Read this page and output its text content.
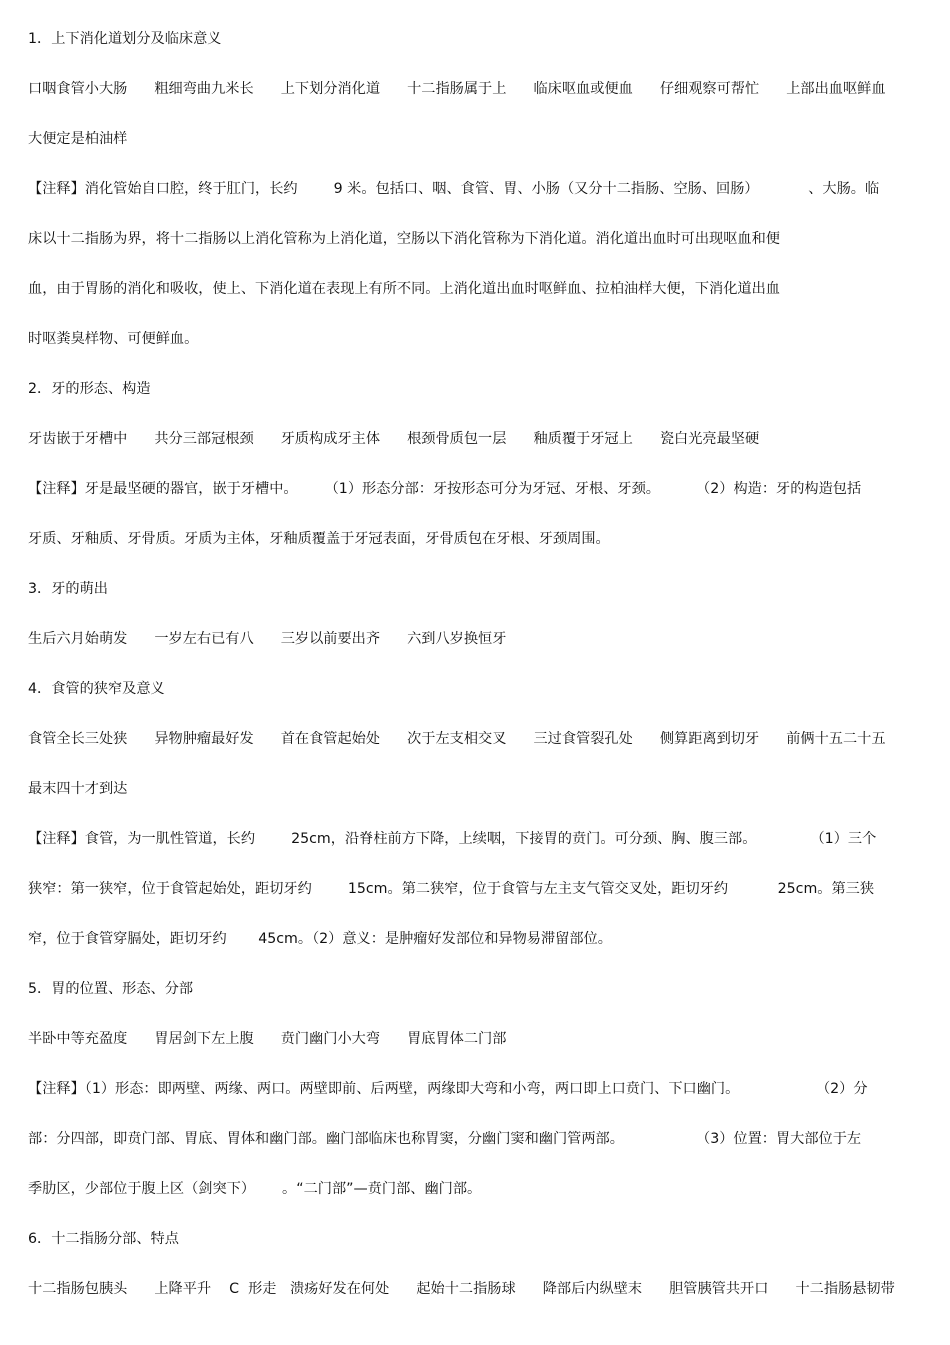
1．上下消化道划分及临床意义
口咽食管小大肠      粗细弯曲九米长      上下划分消化道      十二指肠属于上      临床呕血或便血      仔细观察可帮忙      上部出血呕鲜血
大便定是柏油样
【注释】消化管始自口腔，终于肛门，长约        9 米。包括口、咽、食管、胃、小肠（又分十二指肠、空肠、回肠）           、大肠。临
床以十二指肠为界，将十二指肠以上消化管称为上消化道，空肠以下消化管称为下消化道。消化道出血时可出现呕血和便
血，由于胃肠的消化和吸收，使上、下消化道在表现上有所不同。上消化道出血时呕鲜血、拉柏油样大便，下消化道出血
时呕粪臭样物、可便鲜血。
2．牙的形态、构造
牙齿嵌于牙槽中      共分三部冠根颈      牙质构成牙主体      根颈骨质包一层      釉质覆于牙冠上      瓷白光亮最坚硬
【注释】牙是最坚硬的器官，嵌于牙槽中。      （1）形态分部：牙按形态可分为牙冠、牙根、牙颈。        （2）构造：牙的构造包括
牙质、牙釉质、牙骨质。牙质为主体，牙釉质覆盖于牙冠表面，牙骨质包在牙根、牙颈周围。
3．牙的萌出
生后六月始萌发      一岁左右已有八      三岁以前要出齐      六到八岁换恒牙
4．食管的狭窄及意义
食管全长三处狭      异物肿瘤最好发      首在食管起始处      次于左支相交叉      三过食管裂孔处      侧算距离到切牙      前俩十五二十五
最末四十才到达
【注释】食管，为一肌性管道，长约        25cm，沿脊柱前方下降，上续咽，下接胃的贲门。可分颈、胸、腹三部。            （1）三个
狭窄：第一狭窄，位于食管起始处，距切牙约        15cm。第二狭窄，位于食管与左主支气管交叉处，距切牙约           25cm。第三狭
窄，位于食管穿膈处，距切牙约       45cm。（2）意义：是肿瘤好发部位和异物易滞留部位。
5．胃的位置、形态、分部
半卧中等充盈度      胃居剑下左上腹      贲门幽门小大弯      胃底胃体二门部
【注释】（1）形态：即两壁、两缘、两口。两壁即前、后两壁，两缘即大弯和小弯，两口即上口贲门、下口幽门。                 （2）分
部：分四部，即贲门部、胃底、胃体和幽门部。幽门部临床也称胃窦，分幽门窦和幽门管两部。                （3）位置：胃大部位于左
季肋区，少部位于腹上区（剑突下）      。“二门部”—贲门部、幽门部。
6．十二指肠分部、特点
十二指肠包胰头      上降平升    C  形走   溃疡好发在何处      起始十二指肠球      降部后内纵壁末      胆管胰管共开口      十二指肠悬韧带
